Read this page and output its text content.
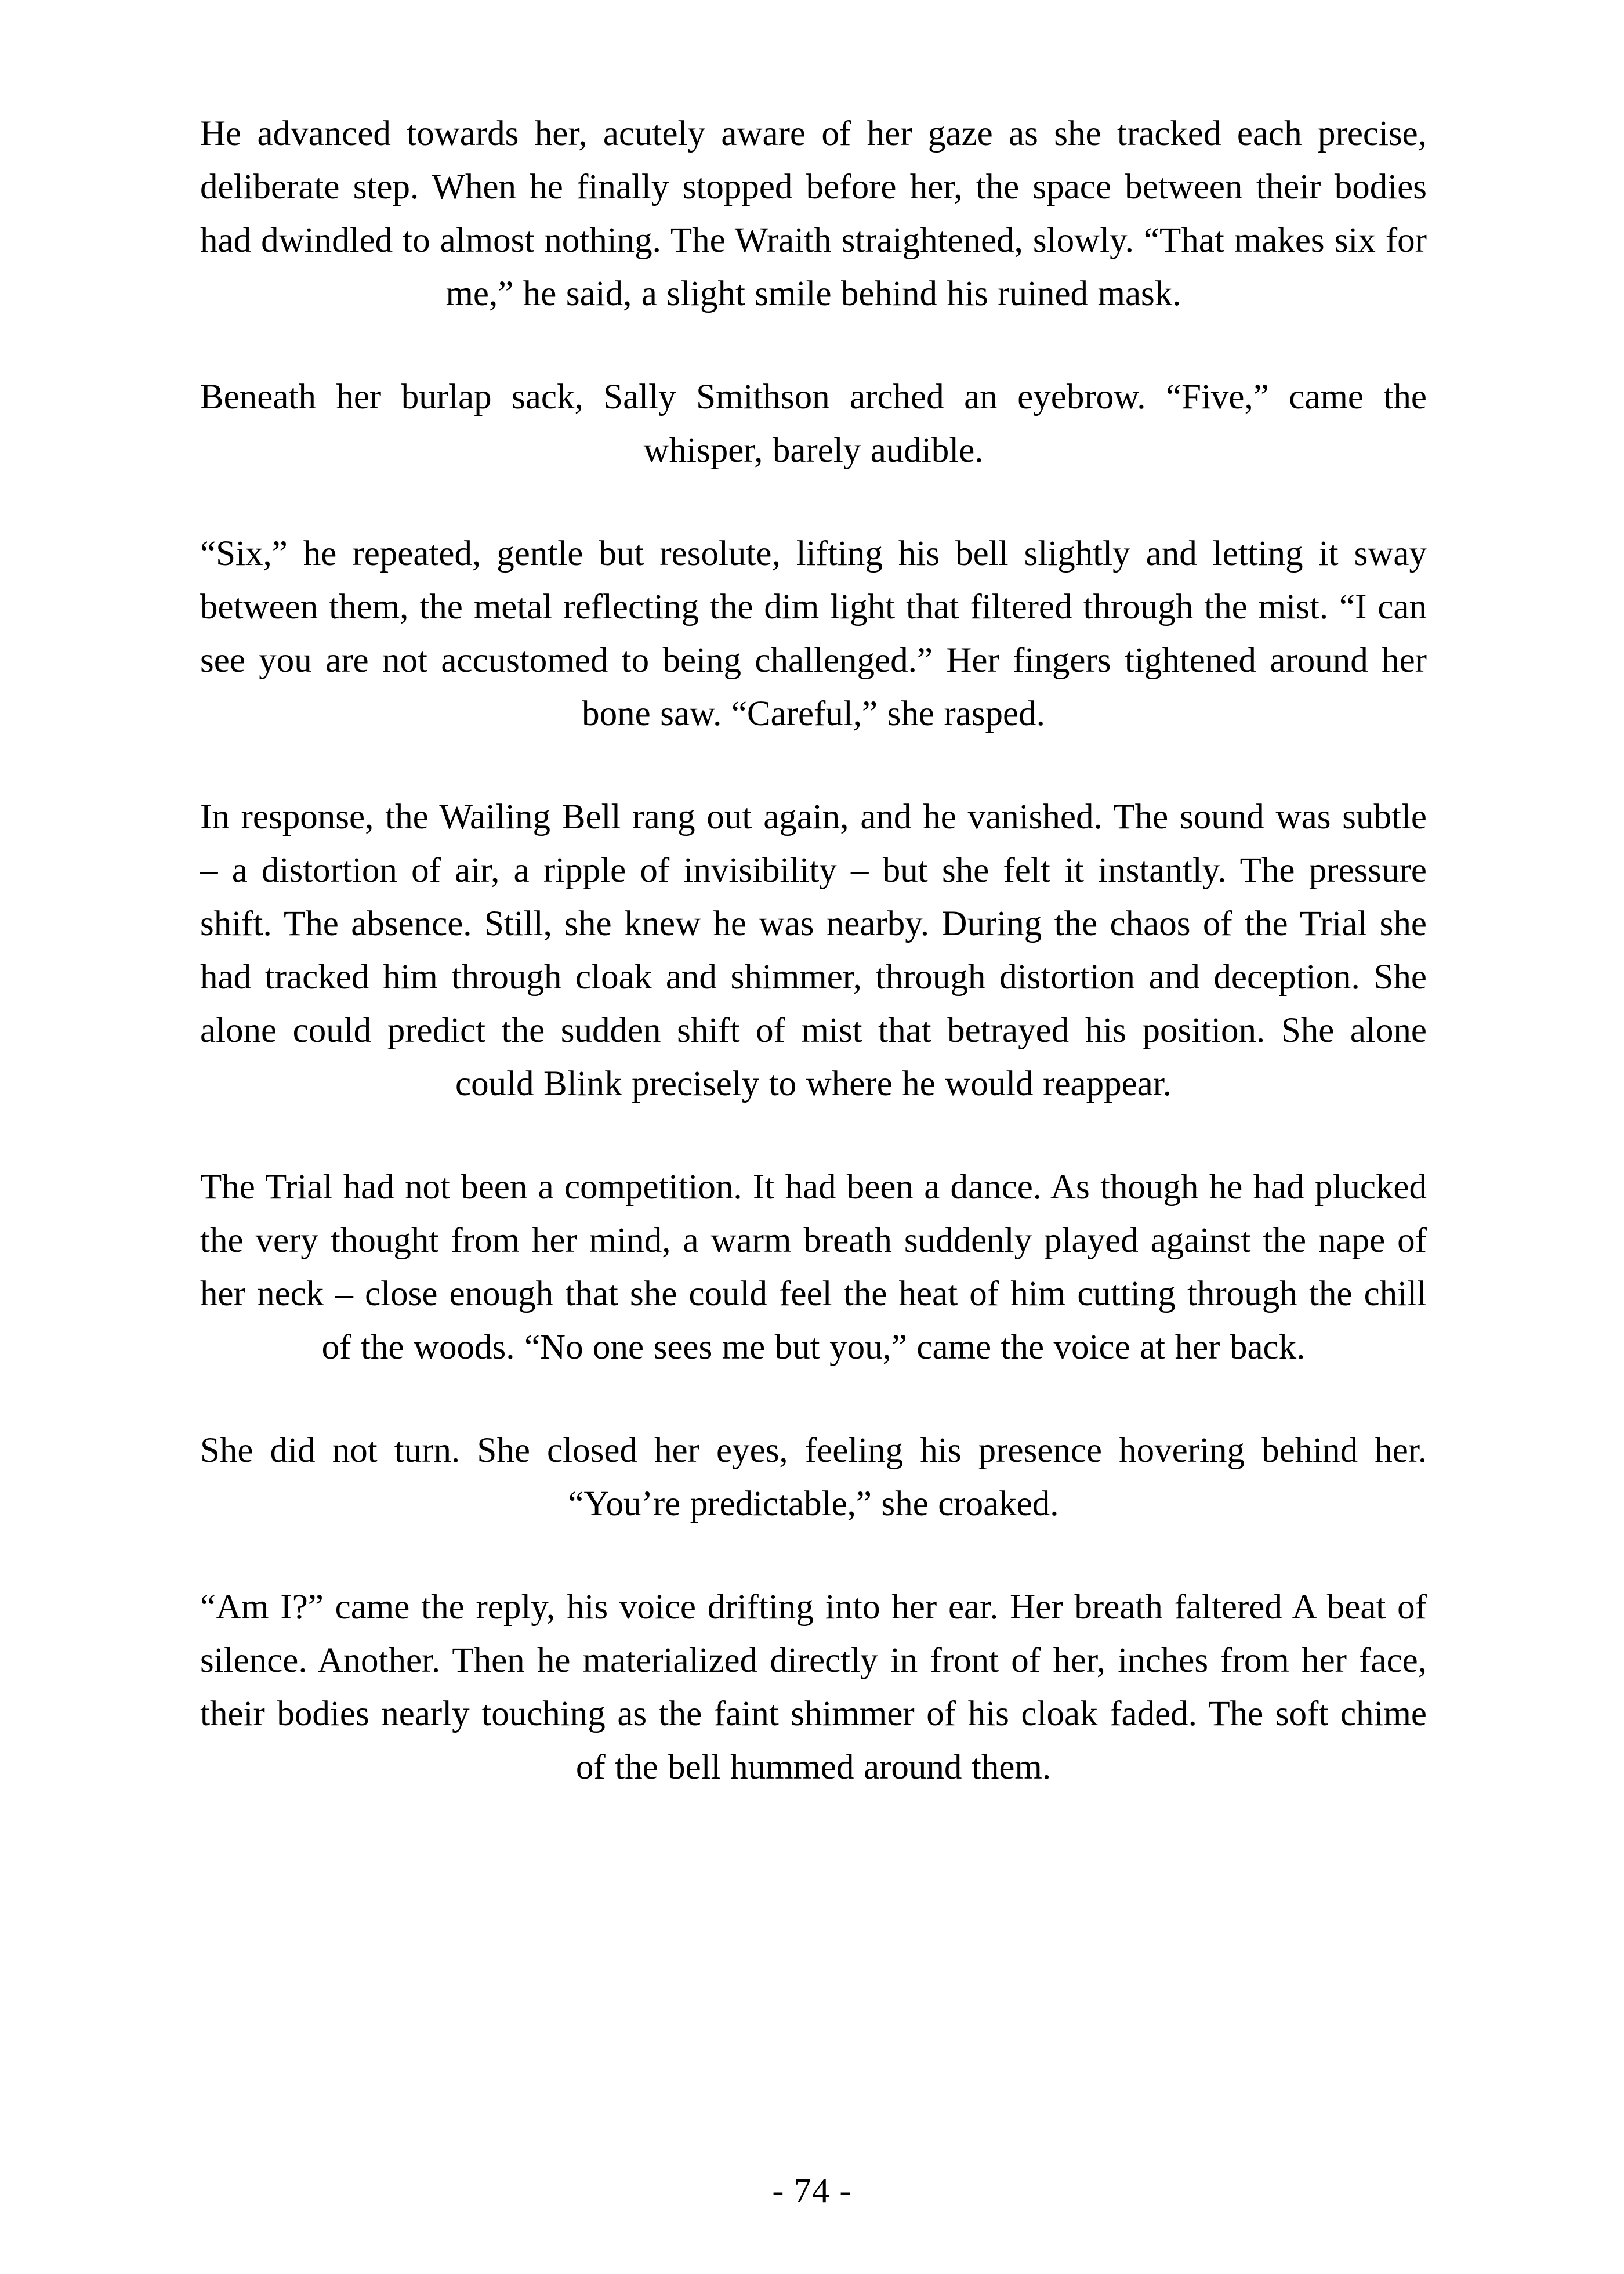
He advanced towards her, acutely aware of her gaze as she tracked each precise, deliberate step. When he finally stopped before her, the space between their bodies had dwindled to almost nothing. The Wraith straightened, slowly. “That makes six for me,” he said, a slight smile behind his ruined mask.

Beneath her burlap sack, Sally Smithson arched an eyebrow. “Five,” came the whisper, barely audible.

“Six,” he repeated, gentle but resolute, lifting his bell slightly and letting it sway between them, the metal reflecting the dim light that filtered through the mist. “I can see you are not accustomed to being challenged.” Her fingers tightened around her bone saw. “Careful,” she rasped.

In response, the Wailing Bell rang out again, and he vanished. The sound was subtle – a distortion of air, a ripple of invisibility – but she felt it instantly. The pressure shift. The absence. Still, she knew he was nearby. During the chaos of the Trial she had tracked him through cloak and shimmer, through distortion and deception. She alone could predict the sudden shift of mist that betrayed his position. She alone could Blink precisely to where he would reappear.

The Trial had not been a competition. It had been a dance. As though he had plucked the very thought from her mind, a warm breath suddenly played against the nape of her neck – close enough that she could feel the heat of him cutting through the chill of the woods. “No one sees me but you,” came the voice at her back.

She did not turn. She closed her eyes, feeling his presence hovering behind her. “You’re predictable,” she croaked.

“Am I?” came the reply, his voice drifting into her ear. Her breath faltered A beat of silence. Another. Then he materialized directly in front of her, inches from her face, their bodies nearly touching as the faint shimmer of his cloak faded. The soft chime of the bell hummed around them.

- 74 -
